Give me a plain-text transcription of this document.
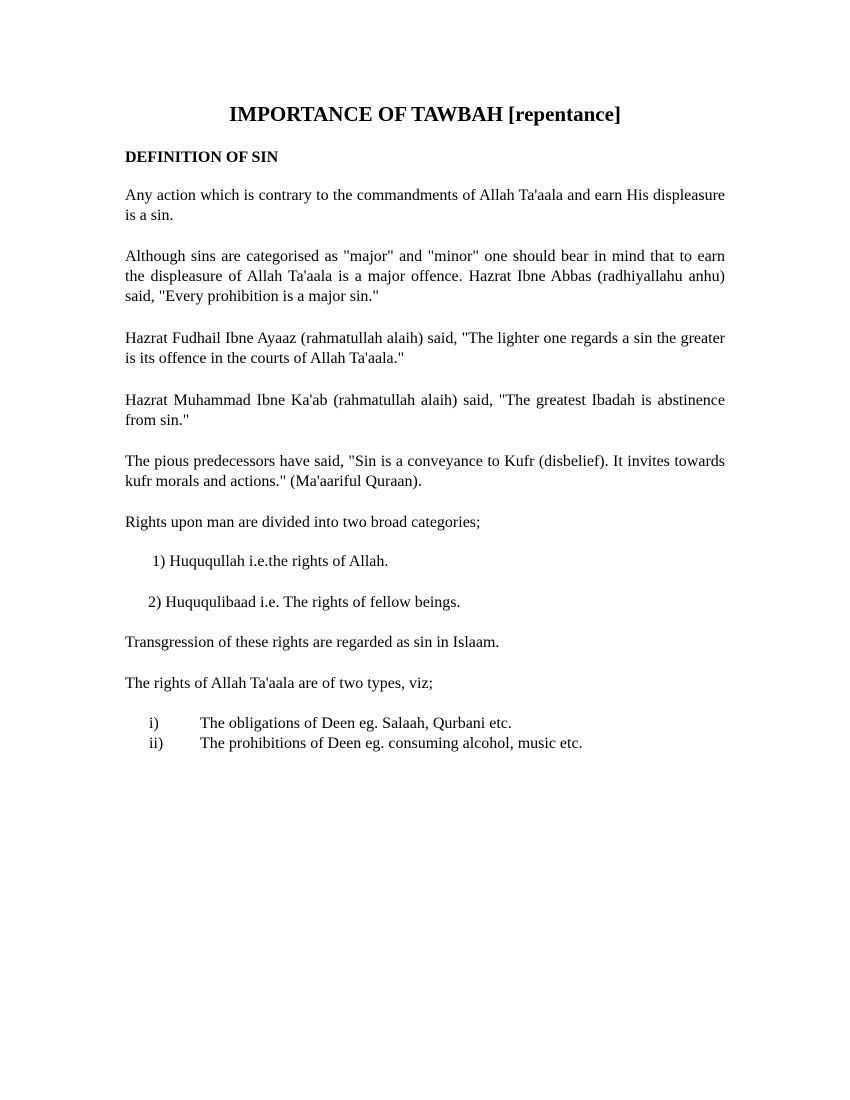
IMPORTANCE OF TAWBAH [repentance]
DEFINITION OF SIN

Any action which is contrary to the commandments of Allah Ta'aala and earn His displeasure is a sin.

Although sins are categorised as "major" and "minor" one should bear in mind that to earn the displeasure of Allah Ta'aala is a major offence. Hazrat Ibne Abbas (radhiyallahu anhu) said, "Every prohibition is a major sin."

Hazrat Fudhail Ibne Ayaaz (rahmatullah alaih) said, "The lighter one regards a sin the greater is its offence in the courts of Allah Ta'aala."

Hazrat Muhammad Ibne Ka'ab (rahmatullah alaih) said, "The greatest Ibadah is abstinence from sin."

The pious predecessors have said, "Sin is a conveyance to Kufr (disbelief). It invites towards kufr morals and actions." (Ma'aariful Quraan).

Rights upon man are divided into two broad categories;

1) Huququllah i.e.the rights of Allah.

2) Huququlibaad i.e. The rights of fellow beings.

Transgression of these rights are regarded as sin in Islaam.

The rights of Allah Ta'aala are of two types, viz;

i)	The obligations of Deen eg. Salaah, Qurbani etc.
ii) The prohibitions of Deen eg. consuming alcohol, music etc.
